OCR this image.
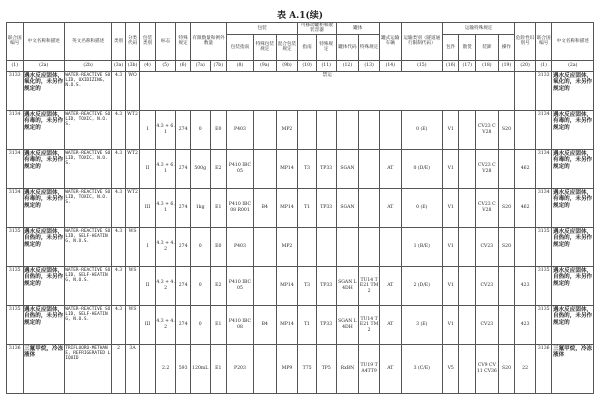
表 A.1(续)
联合国编号	中文名称和描述	英文名称和描述	类别	分类代码	包装类别	标志	特殊规定	有限数量和例外数量		包装			可移动罐柜和散装容器		罐体		罐式运输车辆	运输类别（隧道通行限制代码）	运输特殊规定				危险性识别号	联合国编号	中文名称和描述
										包装指南	特殊包装规定	混合包装规定	指南	特殊规定	罐体代码	特殊规定			包件	散货	装卸	操作			
(1)	(2a)	(2b)	(3a)	(3b)	(4)	(5)	(6)	(7a)	(7b)	(8)	(9a)	(9b)	(10)	(11)	(12)	(13)	(14)	(15)	(16)	(17)	(18)	(19)	(20)	(1)	(2a)
3133	遇水反应固体，氧化的，未另作规定的	WATER-REACTIVE SOLID, OXIDIZING, N.O.S.	4.3	WO	禁运																			3133	遇水反应固体，氧化的，未另作规定的
3134	遇水反应固体，有毒的，未另作规定的	WATER-REACTIVE SOLID, TOXIC, N.O.S.	4.3	WT2	I	4.3 + 6.1	274	0	E0	P403		MP2						0 (E)	V1		CV23 CV28	S20		3134	遇水反应固体，有毒的，未另作规定的
3134	遇水反应固体，有毒的，未另作规定的	WATER-REACTIVE SOLID, TOXIC, N.O.S.	4.3	WT2	II	4.3 + 6.1	274	500g	E2	P410 IBC05		MP14	T3	TP33	SGAN		AT	0 (D/E)	V1		CV23 CV28		462	3134	遇水反应固体，有毒的，未另作规定的
3134	遇水反应固体，有毒的，未另作规定的	WATER-REACTIVE SOLID, TOXIC, N.O.S.	4.3	WT2	III	4.3 + 6.1	274	1kg	E1	P410 IBC08 R001	B4	MP14	T1	TP33	SGAN		AT	0 (E)	V1		CV23 CV28	S20	462	3134	遇水反应固体，有毒的，未另作规定的
3135	遇水反应固体，自热的，未另作规定的	WATER-REACTIVE SOLID, SELF-HEATING, N.O.S.	4.3	WS	I	4.3 + 4.2	274	0	E0	P403		MP2						1 (B/E)	V1		CV23	S20		3135	遇水反应固体，自热的，未另作规定的
3135	遇水反应固体，自热的，未另作规定的	WATER-REACTIVE SOLID, SELF-HEATING, N.O.S.	4.3	WS	II	4.3 + 4.2	274	0	E2	P410 IBC05		MP14	T3	TP33	SGAN L4DH	TU14 TE21 TM2	AT	2 (D/E)	V1		CV23		423	3135	遇水反应固体，自热的，未另作规定的
3135	遇水反应固体，自热的，未另作规定的	WATER-REACTIVE SOLID, SELF-HEATING, N.O.S.	4.3	WS	III	4.3 + 4.2	274	0	E1	P410 IBC08	B4	MP14	T1	TP33	SGAN L4DH	TU14 TE21 TM2	AT	3 (E)	V1		CV23		423	3135	遇水反应固体，自热的，未另作规定的
3136	三氟甲烷，冷冻液体	TRIFLUORO-METHANE, REFRIGERATED LIQUID	2	3A		2.2	593	120mL	E1	P203		MP9	T75	TP5	RxBN	TU19 TA4TT9	AT	3 (C/E)	V5		CV9 CV11 CV36	S20	22	3136	三氟甲烷，冷冻液体
